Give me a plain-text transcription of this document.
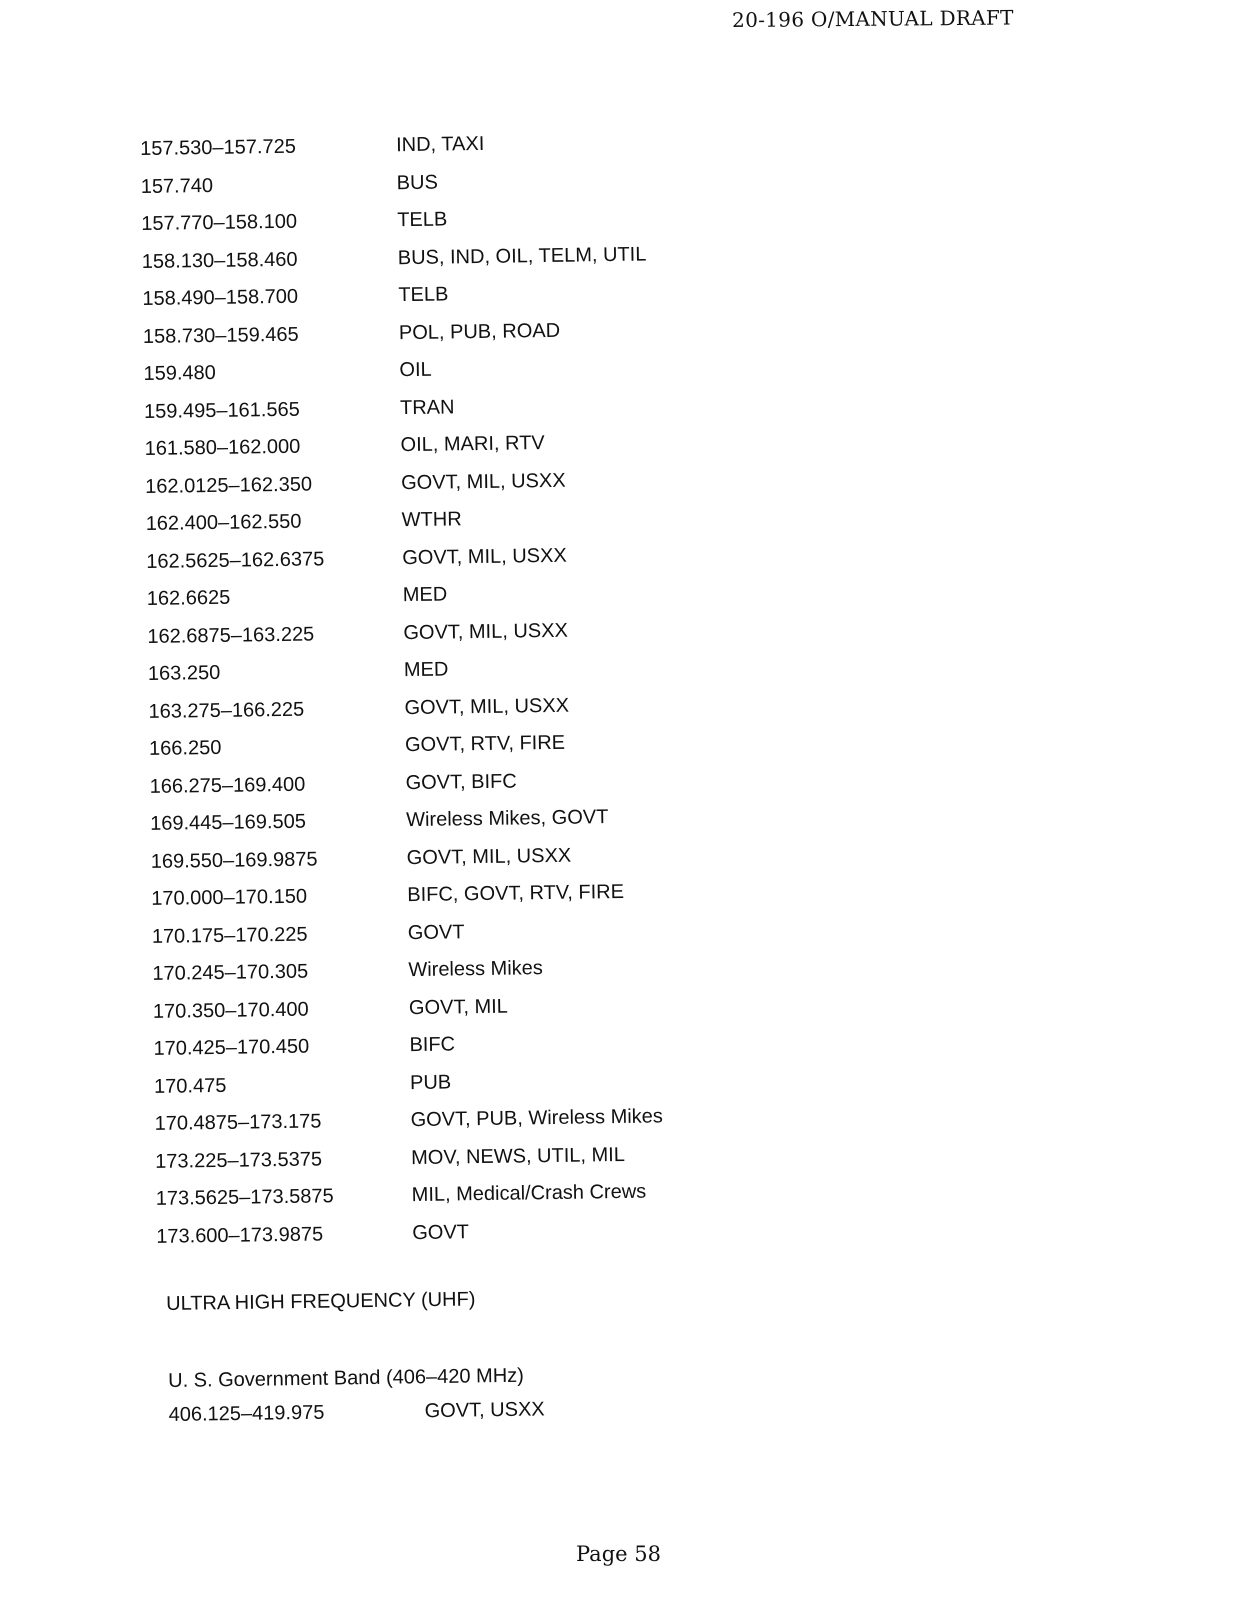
20-196 O/MANUAL DRAFT
157.530–157.725	IND, TAXI
157.740	BUS
157.770–158.100	TELB
158.130–158.460	BUS, IND, OIL, TELM, UTIL
158.490–158.700	TELB
158.730–159.465	POL, PUB, ROAD
159.480	OIL
159.495–161.565	TRAN
161.580–162.000	OIL, MARI, RTV
162.0125–162.350	GOVT, MIL, USXX
162.400–162.550	WTHR
162.5625–162.6375	GOVT, MIL, USXX
162.6625	MED
162.6875–163.225	GOVT, MIL, USXX
163.250	MED
163.275–166.225	GOVT, MIL, USXX
166.250	GOVT, RTV, FIRE
166.275–169.400	GOVT, BIFC
169.445–169.505	Wireless Mikes, GOVT
169.550–169.9875	GOVT, MIL, USXX
170.000–170.150	BIFC, GOVT, RTV, FIRE
170.175–170.225	GOVT
170.245–170.305	Wireless Mikes
170.350–170.400	GOVT, MIL
170.425–170.450	BIFC
170.475	PUB
170.4875–173.175	GOVT, PUB, Wireless Mikes
173.225–173.5375	MOV, NEWS, UTIL, MIL
173.5625–173.5875	MIL, Medical/Crash Crews
173.600–173.9875	GOVT
ULTRA HIGH FREQUENCY (UHF)
U. S. Government Band (406–420 MHz)
406.125–419.975	GOVT, USXX
Page 58
